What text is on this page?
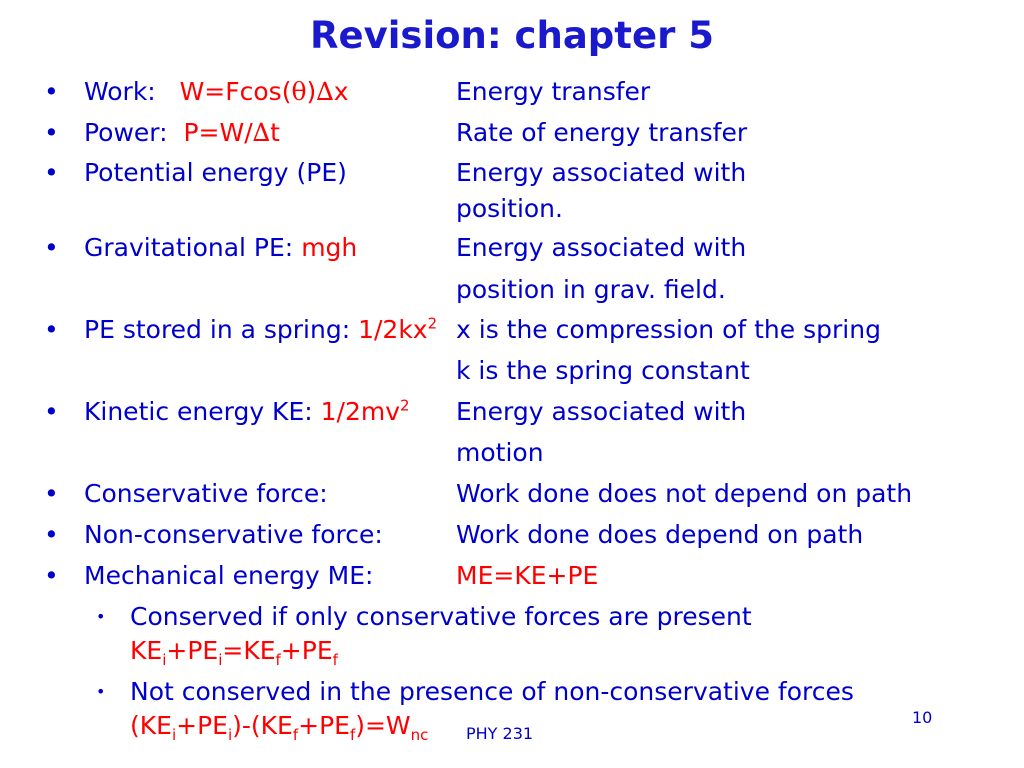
Revision: chapter 5
• Work: W=Fcos(θ)∆x	Energy transfer
• Power: P=W/∆t	Rate of energy transfer
• Potential energy (PE)	Energy associated with
position.
• Gravitational PE: mgh	Energy associated with
position in grav. field.
• PE stored in a spring: $1/2kx^2$ x is the compression of the spring
k is the spring constant
• Kinetic energy KE: $1/2mv^2$ Energy associated with
motion
• Conservative force:	Work done does not depend on path
• Non-conservative force:	Work done does depend on path
• Mechanical energy ME:	ME=KE+PE
• Conserved if only conservative forces are present
$KE_i+PE_i=KE_f+PE_f$
• Not conserved in the presence of non-conservative forces
$(KE_i+PE_i)-(KE_f+PE_f)=W_{nc}$ PHY 231
10
